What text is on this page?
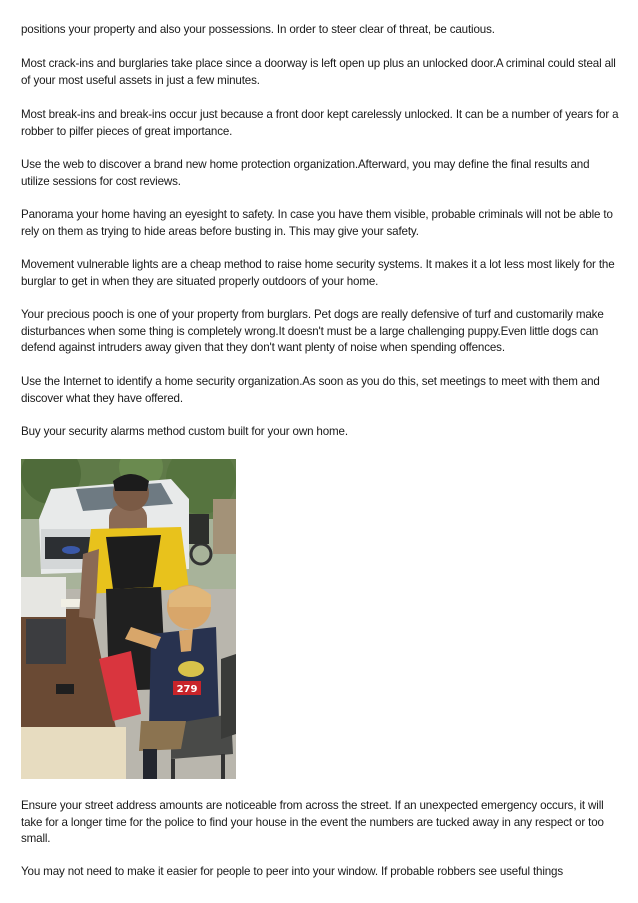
positions your property and also your possessions. In order to steer clear of threat, be cautious.

Most crack-ins and burglaries take place since a doorway is left open up plus an unlocked door.A criminal could steal all of your most useful assets in just a few minutes.

Most break-ins and break-ins occur just because a front door kept carelessly unlocked. It can be a number of years for a robber to pilfer pieces of great importance.

Use the web to discover a brand new home protection organization.Afterward, you may define the final results and utilize sessions for cost reviews.

Panorama your home having an eyesight to safety. In case you have them visible, probable criminals will not be able to rely on them as trying to hide areas before busting in. This may give your safety.

Movement vulnerable lights are a cheap method to raise home security systems. It makes it a lot less most likely for the burglar to get in when they are situated properly outdoors of your home.

Your precious pooch is one of your property from burglars. Pet dogs are really defensive of turf and customarily make disturbances when some thing is completely wrong.It doesn't must be a large challenging puppy.Even little dogs can defend against intruders away given that they don't want plenty of noise when spending offences.

Use the Internet to identify a home security organization.As soon as you do this, set meetings to meet with them and discover what they have offered.

Buy your security alarms method custom built for your own home.

279

Ensure your street address amounts are noticeable from across the street. If an unexpected emergency occurs, it will take for a longer time for the police to find your house in the event the numbers are tucked away in any respect or too small.

You may not need to make it easier for people to peer into your window. If probable robbers see useful things
